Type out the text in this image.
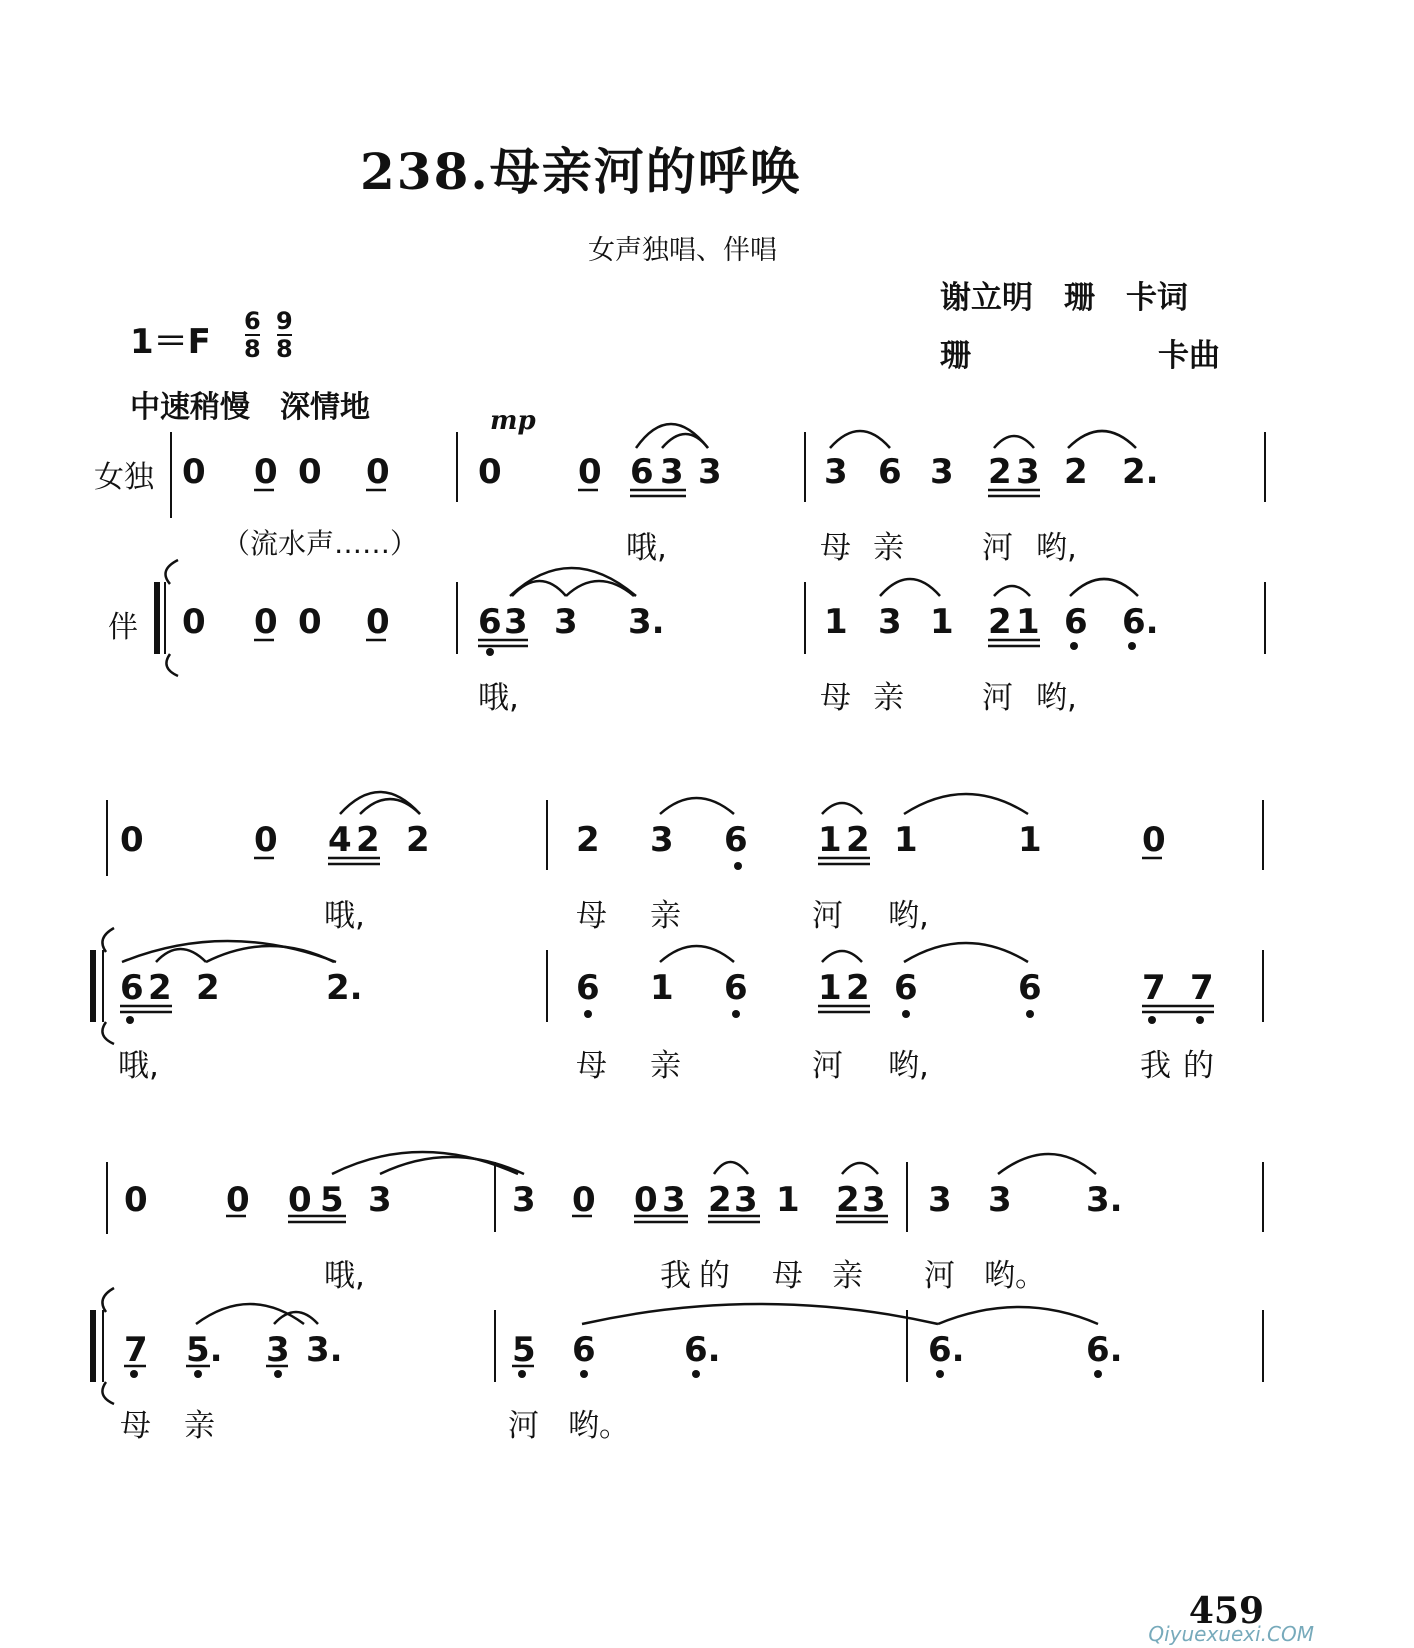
238.母亲河的呼唤
女声独唱、伴唱
谢立明　珊　卡词
珊	卡曲
1＝F
6
8
9
8
中速稍慢　深情地	mp
女独
伴
0 0 0 0	0 0 6 3 3	3 6 3 2 3 2 2.
（流水声……）	哦,	母亲 河 哟,
0 0 0 0	6 3 3 3.	1 3 1 2 1 6 6.
哦,	母亲 河 哟,
0	0 4 2 2	2 3 6 1 2 1	1	0
哦,	母 亲	河 哟,
6 2 2	2.	6 1 6 1 2 6	6	7 7
哦,	母 亲	河 哟,	我的
0 0 0 5 3	3 0 0 3 2 3 1 2 3 3 3 3.
哦,	我的 母 亲 河 哟。
7 5. 3 3.	5 6	6.	6.	6.
母 亲	河 哟。
459
Qiyuexuexi.COM
